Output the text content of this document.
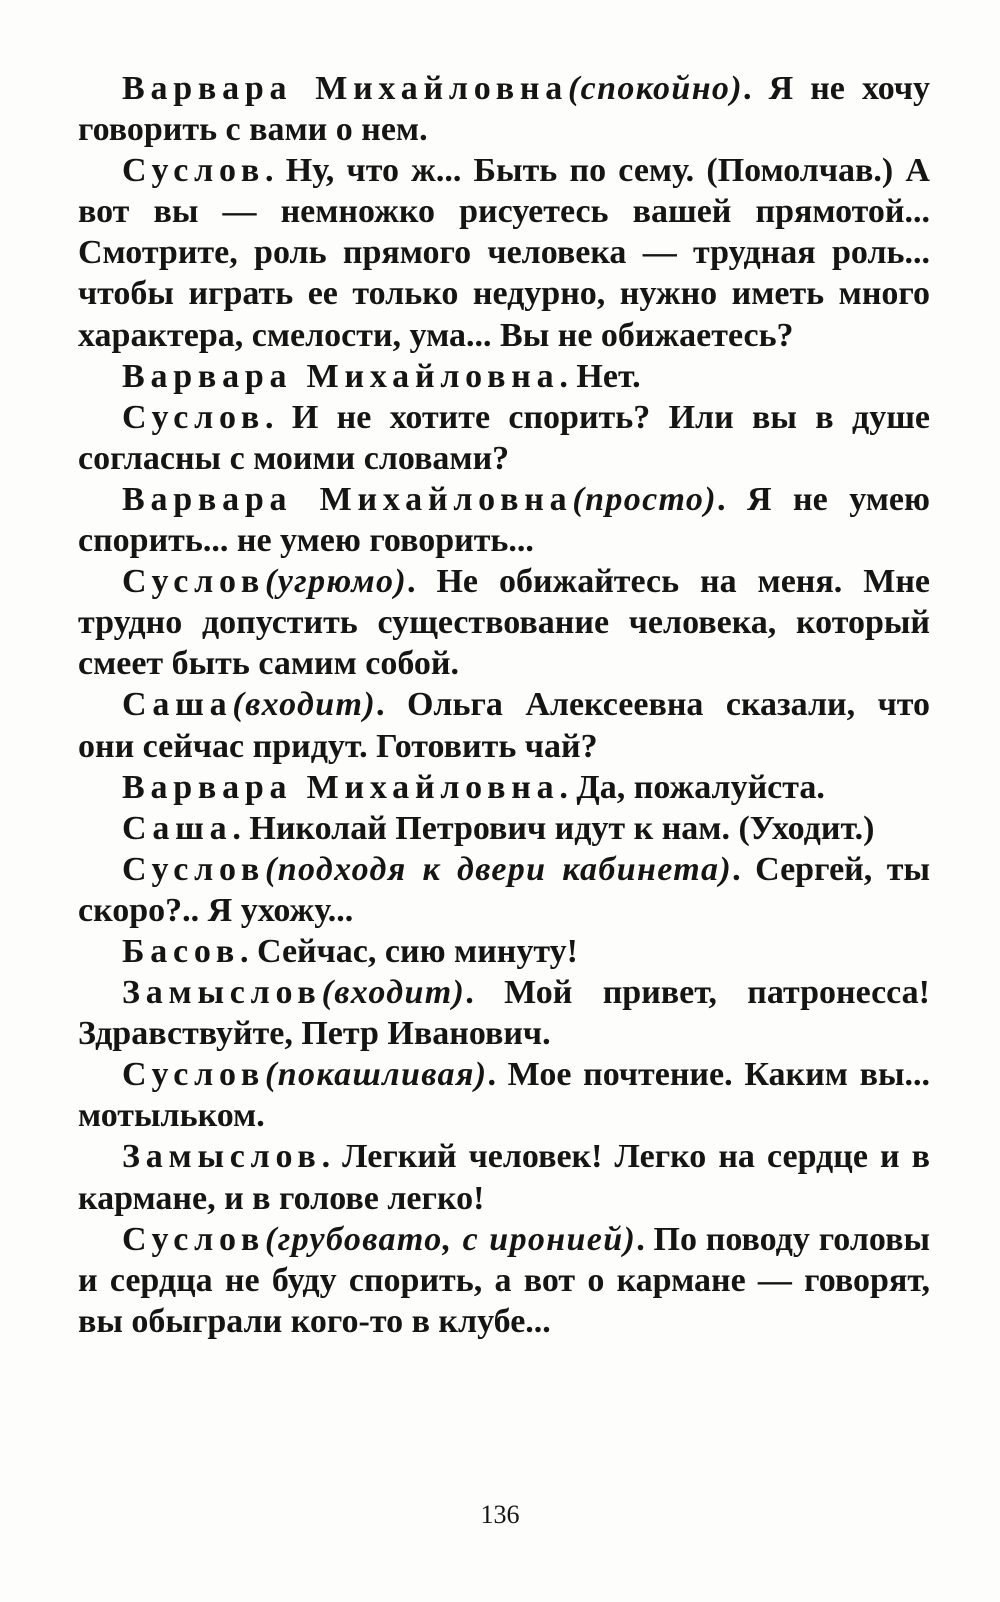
Варвара Михайловна(спокойно). Я не хочу говорить с вами о нем.

Суслов. Ну, что ж... Быть по сему. (Помолчав.) А вот вы — немножко рисуетесь вашей прямотой... Смотрите, роль прямого человека — трудная роль... чтобы играть ее только недурно, нужно иметь много характера, смелости, ума... Вы не обижаетесь?

Варвара Михайловна. Нет.

Суслов. И не хотите спорить? Или вы в душе согласны с моими словами?

Варвара Михайловна(просто). Я не умею спорить... не умею говорить...

Суслов(угрюмо). Не обижайтесь на меня. Мне трудно допустить существование человека, который смеет быть самим собой.

Саша(входит). Ольга Алексеевна сказали, что они сейчас придут. Готовить чай?

Варвара Михайловна. Да, пожалуйста.

Саша. Николай Петрович идут к нам. (Уходит.)

Суслов(подходя к двери кабинета). Сергей, ты скоро?.. Я ухожу...

Басов. Сейчас, сию минуту!

Замыслов(входит). Мой привет, патронесса! Здравствуйте, Петр Иванович.

Суслов(покашливая). Мое почтение. Каким вы... мотыльком.

Замыслов. Легкий человек! Легко на сердце и в кармане, и в голове легко!

Суслов(грубовато, с иронией). По поводу головы и сердца не буду спорить, а вот о кармане — говорят, вы обыграли кого-то в клубе...

136
